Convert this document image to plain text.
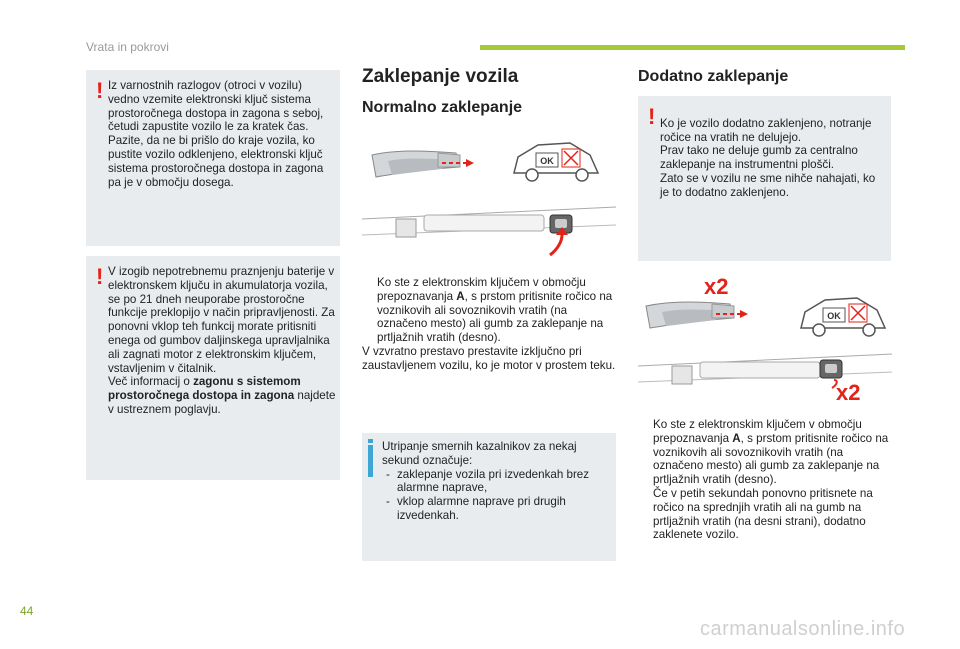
Vrata in pokrovi
44
carmanualsonline.info
! Iz varnostnih razlogov (otroci v vozilu) vedno vzemite elektronski ključ sistema prostoročnega dostopa in zagona s seboj, četudi zapustite vozilo le za kratek čas. Pazite, da ne bi prišlo do kraje vozila, ko pustite vozilo odklenjeno, elektronski ključ sistema prostoročnega dostopa in zagona pa je v območju dosega.

! V izogib nepotrebnemu praznjenju baterije v elektronskem ključu in akumulatorja vozila, se po 21 dneh neuporabe prostoročne funkcije preklopijo v način pripravljenosti. Za ponovni vklop teh funkcij morate pritisniti enega od gumbov daljinskega upravljalnika ali zagnati motor z elektronskim ključem, vstavljenim v čitalnik.

Več informacij o zagonu s sistemom prostoročnega dostopa in zagona najdete v ustreznem poglavju.

Zaklepanje vozila
Normalno zaklepanje
OK
Ko ste z elektronskim ključem v območju prepoznavanja A, s prstom pritisnite ročico na voznikovih ali sovoznikovih vratih (na označeno mesto) ali gumb za zaklepanje na prtljažnih vratih (desno).

V vzvratno prestavo prestavite izključno pri zaustavljenem vozilu, ko je motor v prostem teku.

Utripanje smernih kazalnikov za nekaj sekund označuje:

- zaklepanje vozila pri izvedenkah brez alarmne naprave,
- vklop alarmne naprave pri drugih izvedenkah.
Dodatno zaklepanje
! Ko je vozilo dodatno zaklenjeno, notranje ročice na vratih ne delujejo.
Prav tako ne deluje gumb za centralno zaklepanje na instrumentni plošči.
Zato se v vozilu ne sme nihče nahajati, ko je to dodatno zaklenjeno.

x2
OK
x2
Ko ste z elektronskim ključem v območju prepoznavanja A, s prstom pritisnite ročico na voznikovih ali sovoznikovih vratih (na označeno mesto) ali gumb za zaklepanje na prtljažnih vratih (desno).
Če v petih sekundah ponovno pritisnete na ročico na sprednjih vratih ali na gumb na prtljažnih vratih (na desni strani), dodatno zaklenete vozilo.
